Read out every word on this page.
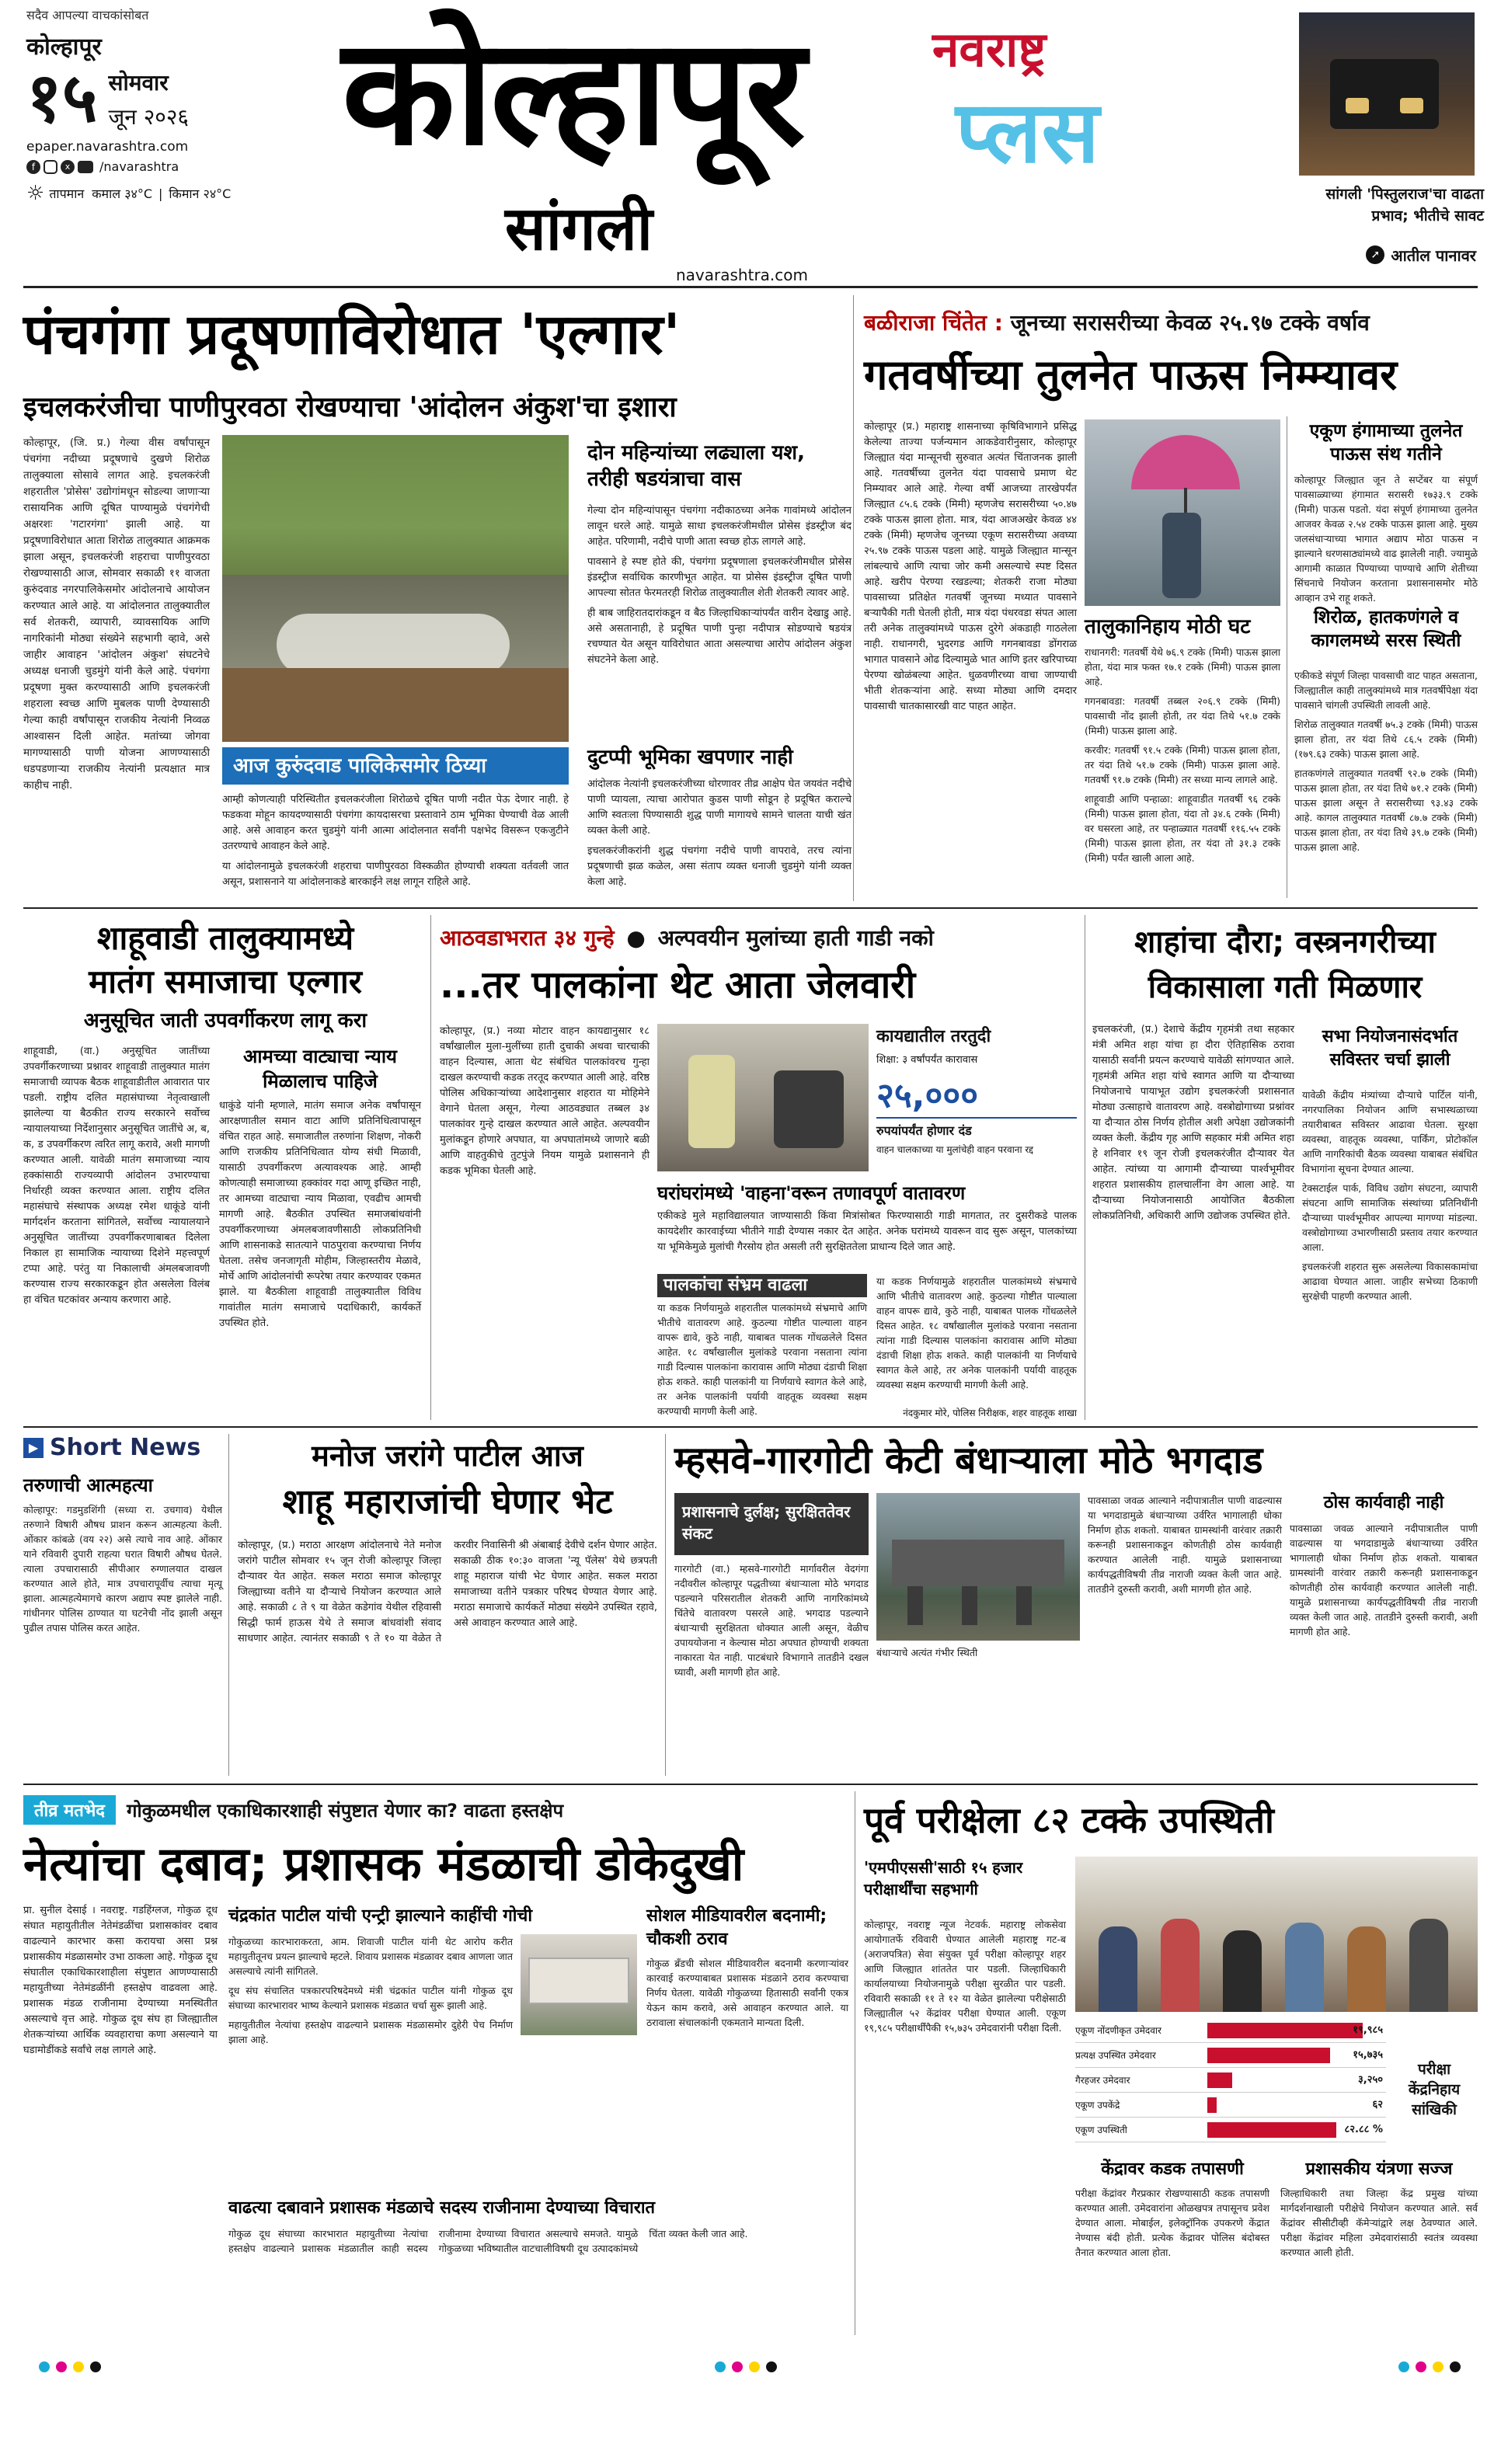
सदैव आपल्या वाचकांसोबत
कोल्हापूर
१५ सोमवार
जून २०२६
epaper.navarashtra.com
f	x	/navarashtra
☼ तापमान कमाल ३४°C | किमान २४°C
कोल्हापूर
सांगली
नवराष्ट्र
प्लस
navarashtra.com
सांगली 'पिस्तुलराज'चा वाढता प्रभाव; भीतीचे सावट
➚ आतील पानावर
पंचगंगा प्रदूषणाविरोधात 'एल्गार'
इचलकरंजीचा पाणीपुरवठा रोखण्याचा 'आंदोलन अंकुश'चा इशारा
कोल्हापूर, (जि. प्र.) गेल्या वीस वर्षांपासून पंचगंगा नदीच्या प्रदूषणाचे दुखणे शिरोळ तालुक्याला सोसावे लागत आहे. इचलकरंजी शहरातील 'प्रोसेस' उद्योगांमधून सोडल्या जाणाऱ्या रासायनिक आणि दूषित पाण्यामुळे पंचगंगेची अक्षरशः 'गटारगंगा' झाली आहे. या प्रदूषणाविरोधात आता शिरोळ तालुक्यात आक्रमक झाला असून, इचलकरंजी शहराचा पाणीपुरवठा रोखण्यासाठी आज, सोमवार सकाळी ११ वाजता कुरुंदवाड नगरपालिकेसमोर आंदोलनाचे आयोजन करण्यात आले आहे. या आंदोलनात तालुक्यातील सर्व शेतकरी, व्यापारी, व्यावसायिक आणि नागरिकांनी मोठ्या संख्येने सहभागी व्हावे, असे जाहीर आवाहन 'आंदोलन अंकुश' संघटनेचे अध्यक्ष धनाजी चुडमुंगे यांनी केले आहे. पंचगंगा प्रदूषणा मुक्त करण्यासाठी आणि इचलकरंजी शहराला स्वच्छ आणि मुबलक पाणी देण्यासाठी गेल्या काही वर्षांपासून राजकीय नेत्यांनी निव्वळ आश्वासन दिली आहेत. मतांच्या जोगवा मागण्यासाठी पाणी योजना आणण्यासाठी धडपडणाऱ्या राजकीय नेत्यांनी प्रत्यक्षात मात्र काहीच नाही.
आज कुरुंदवाड पालिकेसमोर ठिय्या
आम्ही कोणत्याही परिस्थितीत इचलकरंजीला शिरोळचे दूषित पाणी नदीत पेऊ देणार नाही. हे फडकवा मोहून कायदण्यासाठी पंचगंगा कायदासरचा प्रस्तावाने ठाम भूमिका घेण्याची वेळ आली आहे. असे आवाहन करत चुडमुंगे यांनी आत्मा आंदोलनात सर्वांनी पक्षभेद विसरून एकजुटीने उतरण्याचे आवाहन केले आहे.
या आंदोलनामुळे इचलकरंजी शहराचा पाणीपुरवठा विस्कळीत होण्याची शक्यता वर्तवली जात असून, प्रशासनाने या आंदोलनाकडे बारकाईने लक्ष लागून राहिले आहे.
दोन महिन्यांच्या लढ्याला यश, तरीही षडयंत्राचा वास
गेल्या दोन महिन्यांपासून पंचगंगा नदीकाठच्या अनेक गावांमध्ये आंदोलन लावून धरले आहे. यामुळे साधा इचलकरंजीमधील प्रोसेस इंडस्ट्रीज बंद आहेत. परिणामी, नदीचे पाणी आता स्वच्छ होऊ लागले आहे.
पावसाने हे स्पष्ट होते की, पंचगंगा प्रदूषणाला इचलकरंजीमधील प्रोसेस इंडस्ट्रीज सर्वाधिक कारणीभूत आहेत. या प्रोसेस इंडस्ट्रीज दूषित पाणी आपल्या सोतत फेरमतरही शिरोळ तालुक्यातील शेती शेतकरी त्यावर आहे.
ही बाब जाहिरातदारांकडून व बैठ जिल्हाधिकाऱ्यांपर्यंत वारीन देखाडु आहे. असे असतानाही, हे प्रदूषित पाणी पुन्हा नदीपात्र सोडण्याचे षडयंत्र रचण्यात येत असून याविरोधात आता असल्याचा आरोप आंदोलन अंकुश संघटनेने केला आहे.
दुटप्पी भूमिका खपणार नाही
आंदोलक नेत्यांनी इचलकरंजीच्या धोरणावर तीव्र आक्षेप घेत जयवंत नदीचे पाणी प्यायला, त्याचा आरोपात कुडस पाणी सोडून हे प्रदूषित कराल्चे आणि स्वतःला पिण्यासाठी शुद्ध पाणी मागायचे सामने चालता याची खंत व्यक्त केली आहे.
इचलकरंजीकरांनी शुद्ध पंचगंगा नदीचे पाणी वापरावे, तरच त्यांना प्रदूषणाची झळ कळेल, असा संताप व्यक्त धनाजी चुडमुंगे यांनी व्यक्त केला आहे.
बळीराजा चिंतेत : जूनच्या सरासरीच्या केवळ २५.९७ टक्के वर्षाव
गतवर्षीच्या तुलनेत पाऊस निम्म्यावर
कोल्हापूर (प्र.) महाराष्ट्र शासनाच्या कृषिविभागाने प्रसिद्ध केलेल्या ताज्या पर्जन्यमान आकडेवारीनुसार, कोल्हापूर जिल्ह्यात यंदा मान्सूनची सुरुवात अत्यंत चिंताजनक झाली आहे. गतवर्षीच्या तुलनेत यंदा पावसाचे प्रमाण थेट निम्म्यावर आले आहे. गेल्या वर्षी आजच्या तारखेपर्यंत जिल्ह्यात ८५.६ टक्के (मिमी) म्हणजेच सरासरीच्या ५०.४७ टक्के पाऊस झाला होता. मात्र, यंदा आजअखेर केवळ ४४ टक्के (मिमी) म्हणजेच जूनच्या एकूण सरासरीच्या अवघ्या २५.९७ टक्के पाऊस पडला आहे. यामुळे जिल्ह्यात मान्सून लांबल्याचे आणि त्याचा जोर कमी असल्याचे स्पष्ट दिसत आहे. खरीप पेरण्या रखडल्या; शेतकरी राजा मोठ्या पावसाच्या प्रतिक्षेत गतवर्षी जूनच्या मध्यात पावसाने बऱ्यापैकी गती घेतली होती, मात्र यंदा पंधरवडा संपत आला तरी अनेक तालुक्यांमध्ये पाऊस दुरेगे अंकडाही गाठलेला नाही. राधानगरी, भुदरगड आणि गगनबावडा डोंगराळ भागात पावसाने ओढ दिल्यामुळे भात आणि इतर खरिपाच्या पेरण्या खोळंबल्या आहेत. धुळवणीरच्या वाचा जाण्याची भीती शेतकऱ्यांना आहे. सध्या मोठ्या आणि दमदार पावसाची चातकासारखी वाट पाहत आहेत.
तालुकानिहाय मोठी घट
राधानगरी: गतवर्षी येथे ७६.९ टक्के (मिमी) पाऊस झाला होता, यंदा मात्र फक्त १७.१ टक्के (मिमी) पाऊस झाला आहे.
गगनबावडा: गतवर्षी तब्बल २०६.९ टक्के (मिमी) पावसाची नोंद झाली होती, तर यंदा तिथे ५१.७ टक्के (मिमी) पाऊस झाला आहे.
करवीर: गतवर्षी ९१.५ टक्के (मिमी) पाऊस झाला होता, तर यंदा तिथे ५१.७ टक्के (मिमी) पाऊस झाला आहे. गतवर्षी ९१.७ टक्के (मिमी) तर सध्या मान्य लागले आहे.
शाहूवाडी आणि पन्हाळा: शाहूवाडीत गतवर्षी ९६ टक्के (मिमी) पाऊस झाला होता, यंदा तो ३४.६ टक्के (मिमी) वर घसरला आहे, तर पन्हाळ्यात गतवर्षी ११६.५५ टक्के (मिमी) पाऊस झाला होता, तर यंदा तो ३१.३ टक्के (मिमी) पर्यंत खाली आला आहे.
एकूण हंगामाच्या तुलनेत पाऊस संथ गतीने
कोल्हापूर जिल्ह्यात जून ते सप्टेंबर या संपूर्ण पावसाळ्याच्या हंगामात सरासरी १७३३.९ टक्के (मिमी) पाऊस पडतो. यंदा संपूर्ण हंगामाच्या तुलनेत आजवर केवळ २.५४ टक्के पाऊस झाला आहे. मुख्य जलसंधाऱ्याच्या भागात अद्याप मोठा पाऊस न झाल्याने धरणसाठ्यांमध्ये वाढ झालेली नाही. ज्यामुळे आगामी काळात पिण्याच्या पाण्याचे आणि शेतीच्या सिंचनाचे नियोजन करताना प्रशासनासमोर मोठे आव्हान उभे राहू शकते.
शिरोळ, हातकणंगले व कागलमध्ये सरस स्थिती
एकीकडे संपूर्ण जिल्हा पावसाची वाट पाहत असताना, जिल्ह्यातील काही तालुक्यांमध्ये मात्र गतवर्षीपेक्षा यंदा पावसाने चांगली उपस्थिती लावली आहे.
शिरोळ तालुक्यात गतवर्षी ७५.३ टक्के (मिमी) पाऊस झाला होता, तर यंदा तिथे ८६.५ टक्के (मिमी) (१७९.६३ टक्के) पाऊस झाला आहे.
हातकणंगले तालुक्यात गतवर्षी ९२.७ टक्के (मिमी) पाऊस झाला होता, तर यंदा तिथे ७१.२ टक्के (मिमी) पाऊस झाला असून ते सरासरीच्या ९३.४३ टक्के आहे. कागल तालुक्यात गतवर्षी ८७.७ टक्के (मिमी) पाऊस झाला होता, तर यंदा तिथे ३९.७ टक्के (मिमी) पाऊस झाला आहे.
शाहूवाडी तालुक्यामध्ये
मातंग समाजाचा एल्गार
अनुसूचित जाती उपवर्गीकरण लागू करा
शाहूवाडी, (वा.) अनुसूचित जातींच्या उपवर्गीकरणाच्या प्रश्नावर शाहूवाडी तालुक्यात मातंग समाजाची व्यापक बैठक शाहूवाडीतील आवारात पार पडली. राष्ट्रीय दलित महासंघाच्या नेतृत्वाखाली झालेल्या या बैठकीत राज्य सरकारने सर्वोच्च न्यायालयाच्या निर्देशानुसार अनुसूचित जातींचे अ, ब, क, ड उपवर्गीकरण त्वरित लागू करावे, अशी मागणी करण्यात आली. यावेळी मातंग समाजाच्या न्याय हक्कांसाठी राज्यव्यापी आंदोलन उभारण्याचा निर्धारही व्यक्त करण्यात आला. राष्ट्रीय दलित महासंघाचे संस्थापक अध्यक्ष रमेश धाकूंडे यांनी मार्गदर्शन करताना सांगितले, सर्वोच्च न्यायालयाने अनुसूचित जातींच्या उपवर्गीकरणाबाबत दिलेला निकाल हा सामाजिक न्यायाच्या दिशेने महत्त्वपूर्ण टप्पा आहे. परंतु या निकालाची अंमलबजावणी करण्यास राज्य सरकारकडून होत असलेला विलंब हा वंचित घटकांवर अन्याय करणारा आहे.
आमच्या वाट्याचा न्याय मिळालाच पाहिजे
धाकुंडे यांनी म्हणाले, मातंग समाज अनेक वर्षांपासून आरक्षणातील समान वाटा आणि प्रतिनिधित्वापासून वंचित राहत आहे. समाजातील तरुणांना शिक्षण, नोकरी आणि राजकीय प्रतिनिधित्वात योग्य संधी मिळावी, यासाठी उपवर्गीकरण अत्यावश्यक आहे. आम्ही कोणत्याही समाजाच्या हक्कांवर गदा आणू इच्छित नाही, तर आमच्या वाट्याचा न्याय मिळावा, एवढीच आमची मागणी आहे. बैठकीत उपस्थित समाजबांधवांनी उपवर्गीकरणाच्या अंमलबजावणीसाठी लोकप्रतिनिधी आणि शासनाकडे सातत्याने पाठपुरावा करण्याचा निर्णय घेतला. तसेच जनजागृती मोहीम, जिल्हास्तरीय मेळावे, मोर्चे आणि आंदोलनांची रूपरेषा तयार करण्यावर एकमत झाले. या बैठकीला शाहूवाडी तालुक्यातील विविध गावांतील मातंग समाजाचे पदाधिकारी, कार्यकर्ते उपस्थित होते.
आठवडाभरात ३४ गुन्हे ● अल्पवयीन मुलांच्या हाती गाडी नको
...तर पालकांना थेट आता जेलवारी
कोल्हापूर, (प्र.) नव्या मोटार वाहन कायद्यानुसार १८ वर्षांखालील मुला-मुलींच्या हाती दुचाकी अथवा चारचाकी वाहन दिल्यास, आता थेट संबंधित पालकांवरच गुन्हा दाखल करण्याची कडक तरतूद करण्यात आली आहे. वरिष्ठ पोलिस अधिकाऱ्यांच्या आदेशानुसार शहरात या मोहिमेने वेगाने घेतला असून, गेल्या आठवड्यात तब्बल ३४ पालकांवर गुन्हे दाखल करण्यात आले आहेत. अल्पवयीन मुलांकडून होणारे अपघात, या अपघातांमध्ये जाणारे बळी आणि वाहतुकीचे तुटपुंजे नियम यामुळे प्रशासनाने ही कडक भूमिका घेतली आहे.
कायद्यातील तरतुदी
शिक्षा: ३ वर्षांपर्यंत कारावास
२५,०००
रुपयांपर्यंत होणार दंड
वाहन चालकाच्या या मुलांचेही वाहन परवाना रद्द
घरांघरांमध्ये 'वाहना'वरून तणावपूर्ण वातावरण
एकीकडे मुले महाविद्यालयात जाण्यासाठी किंवा मित्रांसोबत फिरण्यासाठी गाडी मागतात, तर दुसरीकडे पालक कायदेशीर कारवाईच्या भीतीने गाडी देण्यास नकार देत आहेत. अनेक घरांमध्ये यावरून वाद सुरू असून, पालकांच्या या भूमिकेमुळे मुलांची गैरसोय होत असली तरी सुरक्षिततेला प्राधान्य दिले जात आहे.
पालकांचा संभ्रम वाढला
या कडक निर्णयामुळे शहरातील पालकांमध्ये संभ्रमाचे आणि भीतीचे वातावरण आहे. कुठल्या गोष्टीत पाल्याला वाहन वापरू द्यावे, कुठे नाही, याबाबत पालक गोंधळलेले दिसत आहेत. १८ वर्षांखालील मुलांकडे परवाना नसताना त्यांना गाडी दिल्यास पालकांना कारावास आणि मोठ्या दंडाची शिक्षा होऊ शकते. काही पालकांनी या निर्णयाचे स्वागत केले आहे, तर अनेक पालकांनी पर्यायी वाहतूक व्यवस्था सक्षम करण्याची मागणी केली आहे.
या कडक निर्णयामुळे शहरातील पालकांमध्ये संभ्रमाचे आणि भीतीचे वातावरण आहे. कुठल्या गोष्टीत पाल्याला वाहन वापरू द्यावे, कुठे नाही, याबाबत पालक गोंधळलेले दिसत आहेत. १८ वर्षांखालील मुलांकडे परवाना नसताना त्यांना गाडी दिल्यास पालकांना कारावास आणि मोठ्या दंडाची शिक्षा होऊ शकते. काही पालकांनी या निर्णयाचे स्वागत केले आहे, तर अनेक पालकांनी पर्यायी वाहतूक व्यवस्था सक्षम करण्याची मागणी केली आहे.
नंदकुमार मोरे, पोलिस निरीक्षक, शहर वाहतूक शाखा
शाहांचा दौरा; वस्त्रनगरीच्या
विकासाला गती मिळणार
इचलकरंजी, (प्र.) देशाचे केंद्रीय गृहमंत्री तथा सहकार मंत्री अमित शहा यांचा हा दौरा ऐतिहासिक ठरावा यासाठी सर्वांनी प्रयत्न करण्याचे यावेळी सांगण्यात आले. गृहमंत्री अमित शहा यांचे स्वागत आणि या दौऱ्याच्या नियोजनाचे पायाभूत उद्योग इचलकरंजी प्रशासनात मोठ्या उत्साहाचे वातावरण आहे. वस्त्रोद्योगाच्या प्रश्नांवर या दौऱ्यात ठोस निर्णय होतील अशी अपेक्षा उद्योजकांनी व्यक्त केली. केंद्रीय गृह आणि सहकार मंत्री अमित शहा हे शनिवार १९ जून रोजी इचलकरंजीत दौऱ्यावर येत आहेत. त्यांच्या या आगामी दौऱ्याच्या पार्श्वभूमीवर शहरात प्रशासकीय हालचालींना वेग आला आहे. या दौऱ्याच्या नियोजनासाठी आयोजित बैठकीला लोकप्रतिनिधी, अधिकारी आणि उद्योजक उपस्थित होते.
सभा नियोजनासंदर्भात सविस्तर चर्चा झाली
यावेळी केंद्रीय मंत्र्यांच्या दौऱ्याचे पार्टिल यांनी, नगरपालिका नियोजन आणि सभास्थळाच्या तयारीबाबत सविस्तर आढावा घेतला. सुरक्षा व्यवस्था, वाहतूक व्यवस्था, पार्किंग, प्रोटोकॉल आणि नागरिकांची बैठक व्यवस्था याबाबत संबंधित विभागांना सूचना देण्यात आल्या.
टेक्सटाईल पार्क, विविध उद्योग संघटना, व्यापारी संघटना आणि सामाजिक संस्थांच्या प्रतिनिधींनी दौऱ्याच्या पार्श्वभूमीवर आपल्या मागण्या मांडल्या. वस्त्रोद्योगाच्या उभारणीसाठी प्रस्ताव तयार करण्यात आला.
इचलकरंजी शहरात सुरू असलेल्या विकासकामांचा आढावा घेण्यात आला. जाहीर सभेच्या ठिकाणी सुरक्षेची पाहणी करण्यात आली.
▶ Short News
तरुणाची आत्महत्या
कोल्हापूर: गडमुडशिंगी (सध्या रा. उचगाव) येथील तरुणाने विषारी औषध प्राशन करून आत्महत्या केली. ओंकार कांबळे (वय २२) असे त्याचे नाव आहे. ओंकार याने रविवारी दुपारी राहत्या घरात विषारी औषध घेतले. त्याला उपचारासाठी सीपीआर रुग्णालयात दाखल करण्यात आले होते, मात्र उपचारापूर्वीच त्याचा मृत्यू झाला. आत्महत्येमागचे कारण अद्याप स्पष्ट झालेले नाही. गांधीनगर पोलिस ठाण्यात या घटनेची नोंद झाली असून पुढील तपास पोलिस करत आहेत.
मनोज जरांगे पाटील आज
शाहू महाराजांची घेणार भेट
कोल्हापूर, (प्र.) मराठा आरक्षण आंदोलनाचे नेते मनोज जरांगे पाटील सोमवार १५ जून रोजी कोल्हापूर जिल्हा दौऱ्यावर येत आहेत. सकल मराठा समाज कोल्हापूर जिल्ह्याच्या वतीने या दौऱ्याचे नियोजन करण्यात आले आहे. सकाळी ८ ते ९ या वेळेत कडेगांव येथील रहिवासी सिद्धी फार्म हाऊस येथे ते समाज बांधवांशी संवाद साधणार आहेत. त्यानंतर सकाळी ९ ते १० या वेळेत ते करवीर निवासिनी श्री अंबाबाई देवीचे दर्शन घेणार आहेत. सकाळी ठीक १०:३० वाजता 'न्यू पॅलेस' येथे छत्रपती शाहू महाराज यांची भेट घेणार आहेत. सकल मराठा समाजाच्या वतीने पत्रकार परिषद घेण्यात येणार आहे. मराठा समाजाचे कार्यकर्ते मोठ्या संख्येने उपस्थित रहावे, असे आवाहन करण्यात आले आहे.
म्हसवे-गारगोटी केटी बंधाऱ्याला मोठे भगदाड
प्रशासनाचे दुर्लक्ष; सुरक्षिततेवर संकट
गारगोटी (वा.) म्हसवे-गारगोटी मार्गावरील वेदगंगा नदीवरील कोल्हापूर पद्धतीच्या बंधाऱ्याला मोठे भगदाड पडल्याने परिसरातील शेतकरी आणि नागरिकांमध्ये चिंतेचे वातावरण पसरले आहे. भगदाड पडल्याने बंधाऱ्याची सुरक्षितता धोक्यात आली असून, वेळीच उपाययोजना न केल्यास मोठा अपघात होण्याची शक्यता नाकारता येत नाही. पाटबंधारे विभागाने तातडीने दखल घ्यावी, अशी मागणी होत आहे.
बंधाऱ्याचे अत्यंत गंभीर स्थिती
पावसाळा जवळ आल्याने नदीपात्रातील पाणी वाढल्यास या भगदाडामुळे बंधाऱ्याच्या उर्वरित भागालाही धोका निर्माण होऊ शकतो. याबाबत ग्रामस्थांनी वारंवार तक्रारी करूनही प्रशासनाकडून कोणतीही ठोस कार्यवाही करण्यात आलेली नाही. यामुळे प्रशासनाच्या कार्यपद्धतीविषयी तीव्र नाराजी व्यक्त केली जात आहे. तातडीने दुरुस्ती करावी, अशी मागणी होत आहे.
ठोस कार्यवाही नाही
पावसाळा जवळ आल्याने नदीपात्रातील पाणी वाढल्यास या भगदाडामुळे बंधाऱ्याच्या उर्वरित भागालाही धोका निर्माण होऊ शकतो. याबाबत ग्रामस्थांनी वारंवार तक्रारी करूनही प्रशासनाकडून कोणतीही ठोस कार्यवाही करण्यात आलेली नाही. यामुळे प्रशासनाच्या कार्यपद्धतीविषयी तीव्र नाराजी व्यक्त केली जात आहे. तातडीने दुरुस्ती करावी, अशी मागणी होत आहे.
तीव्र मतभेद	गोकुळमधील एकाधिकारशाही संपुष्टात येणार का? वाढता हस्तक्षेप
नेत्यांचा दबाव; प्रशासक मंडळाची डोकेदुखी
प्रा. सुनील देसाई । नवराष्ट्र. गडहिंग्लज, गोकुळ दूध संघात महायुतीतील नेतेमंडळींचा प्रशासकांवर दबाव वाढल्याने कारभार कसा करायचा असा प्रश्न प्रशासकीय मंडळासमोर उभा ठाकला आहे. गोकुळ दूध संघातील एकाधिकारशाहीला संपुष्टात आणण्यासाठी महायुतीच्या नेतेमंडळींनी हस्तक्षेप वाढवला आहे. प्रशासक मंडळ राजीनामा देण्याच्या मनस्थितीत असल्याचे वृत्त आहे. गोकुळ दूध संघ हा जिल्ह्यातील शेतकऱ्यांच्या आर्थिक व्यवहाराचा कणा असल्याने या घडामोडींकडे सर्वांचे लक्ष लागले आहे.
चंद्रकांत पाटील यांची एन्ट्री झाल्याने काहींची गोची
गोकुळच्या कारभाराकरता, आम. शिवाजी पाटील यांनी थेट आरोप करीत महायुतीतूनच प्रयत्न झाल्याचे म्हटले. शिवाय प्रशासक मंडळावर दबाव आणला जात असल्याचे त्यांनी सांगितले.
दूध संघ संचालित पत्रकारपरिषदेमध्ये मंत्री चंद्रकांत पाटील यांनी गोकुळ दूध संघाच्या कारभारावर भाष्य केल्याने प्रशासक मंडळात चर्चा सुरू झाली आहे.
महायुतीतील नेत्यांचा हस्तक्षेप वाढल्याने प्रशासक मंडळासमोर दुहेरी पेच निर्माण झाला आहे.
सोशल मीडियावरील बदनामी; चौकशी ठराव
गोकुळ ब्रँडची सोशल मीडियावरील बदनामी करणाऱ्यांवर कारवाई करण्याबाबत प्रशासक मंडळाने ठराव करण्याचा निर्णय घेतला. यावेळी गोकुळच्या हितासाठी सर्वांनी एकत्र येऊन काम करावे, असे आवाहन करण्यात आले. या ठरावाला संचालकांनी एकमताने मान्यता दिली.
वाढत्या दबावाने प्रशासक मंडळाचे सदस्य राजीनामा देण्याच्या विचारात
गोकुळ दूध संघाच्या कारभारात महायुतीच्या नेत्यांचा हस्तक्षेप वाढल्याने प्रशासक मंडळातील काही सदस्य राजीनामा देण्याच्या विचारात असल्याचे समजते. यामुळे गोकुळच्या भविष्यातील वाटचालीविषयी दूध उत्पादकांमध्ये चिंता व्यक्त केली जात आहे.
पूर्व परीक्षेला ८२ टक्के उपस्थिती
'एमपीएससी'साठी १५ हजार परीक्षार्थींचा सहभागी
कोल्हापूर, नवराष्ट्र न्यूज नेटवर्क. महाराष्ट्र लोकसेवा आयोगातर्फे रविवारी घेण्यात आलेली महाराष्ट्र गट-ब (अराजपत्रित) सेवा संयुक्त पूर्व परीक्षा कोल्हापूर शहर आणि जिल्ह्यात शांततेत पार पडली. जिल्हाधिकारी कार्यालयाच्या नियोजनामुळे परीक्षा सुरळीत पार पडली. रविवारी सकाळी ११ ते १२ या वेळेत झालेल्या परीक्षेसाठी जिल्ह्यातील ५२ केंद्रांवर परीक्षा घेण्यात आली. एकूण १९,९८५ परीक्षार्थींपैकी १५,७३५ उमेदवारांनी परीक्षा दिली.	एकूण नोंदणीकृत उमेदवार	१९,९८५
प्रत्यक्ष उपस्थित उमेदवार	१५,७३५
गैरहजर उमेदवार	३,२५०
एकूण उपकेंद्रे	६२
एकूण उपस्थिती	८२.८८ %
परीक्षा केंद्रनिहाय सांखिकी
केंद्रावर कडक तपासणी
परीक्षा केंद्रांवर गैरप्रकार रोखण्यासाठी कडक तपासणी करण्यात आली. उमेदवारांना ओळखपत्र तपासूनच प्रवेश देण्यात आला. मोबाईल, इलेक्ट्रॉनिक उपकरणे केंद्रात नेण्यास बंदी होती. प्रत्येक केंद्रावर पोलिस बंदोबस्त तैनात करण्यात आला होता.
प्रशासकीय यंत्रणा सज्ज
जिल्हाधिकारी तथा जिल्हा केंद्र प्रमुख यांच्या मार्गदर्शनाखाली परीक्षेचे नियोजन करण्यात आले. सर्व केंद्रांवर सीसीटीव्ही कॅमेऱ्यांद्वारे लक्ष ठेवण्यात आले. परीक्षा केंद्रांवर महिला उमेदवारांसाठी स्वतंत्र व्यवस्था करण्यात आली होती.
